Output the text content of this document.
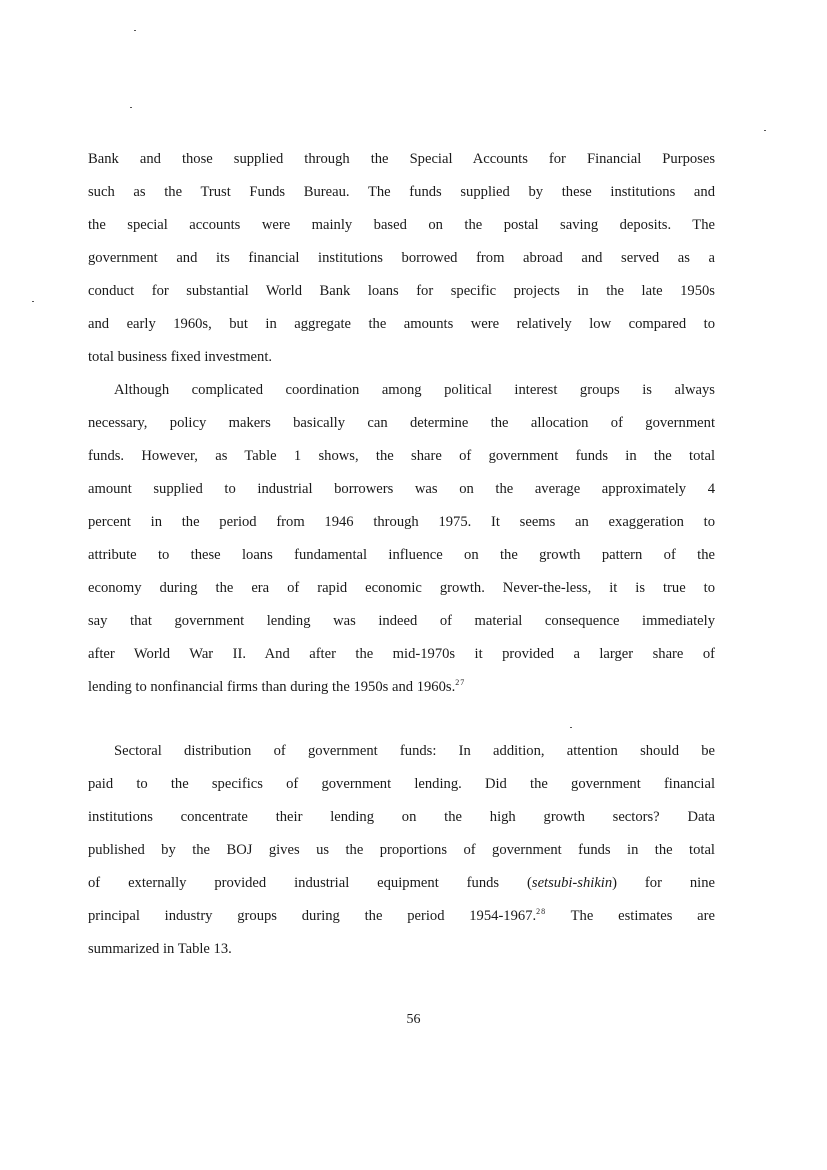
Bank and those supplied through the Special Accounts for Financial Purposes
such as the Trust Funds Bureau. The funds supplied by these institutions and
the special accounts were mainly based on the postal saving deposits. The
government and its financial institutions borrowed from abroad and served as a
conduct for substantial World Bank loans for specific projects in the late 1950s
and early 1960s, but in aggregate the amounts were relatively low compared to
total business fixed investment.
Although complicated coordination among political interest groups is always
necessary, policy makers basically can determine the allocation of government
funds. However, as Table 1 shows, the share of government funds in the total
amount supplied to industrial borrowers was on the average approximately 4
percent in the period from 1946 through 1975. It seems an exaggeration to
attribute to these loans fundamental influence on the growth pattern of the
economy during the era of rapid economic growth. Never-the-less, it is true to
say that government lending was indeed of material consequence immediately
after World War II. And after the mid-1970s it provided a larger share of
lending to nonfinancial firms than during the 1950s and 1960s.$^{27}$
Sectoral distribution of government funds: In addition, attention should be
paid to the specifics of government lending. Did the government financial
institutions concentrate their lending on the high growth sectors? Data
published by the BOJ gives us the proportions of government funds in the total
of externally provided industrial equipment funds (setsubi-shikin) for nine
principal industry groups during the period 1954-1967.28 The estimates are
summarized in Table 13.
56
